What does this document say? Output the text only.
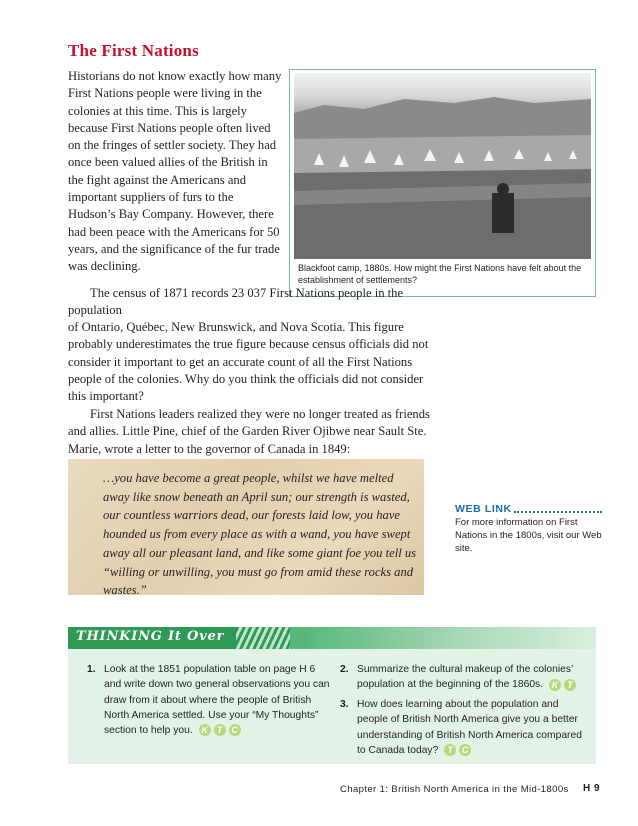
The First Nations

Historians do not know exactly how many First Nations people were living in the colonies at this time. This is largely because First Nations people often lived on the fringes of settler society. They had once been valued allies of the British in the fight against the Americans and important suppliers of furs to the Hudson’s Bay Company. However, there had been peace with the Americans for 50 years, and the significance of the fur trade was declining.	Blackfoot camp, 1880s. How might the First Nations have felt about the establishment of settlements?

The census of 1871 records 23 037 First Nations people in the population

of Ontario, Québec, New Brunswick, and Nova Scotia. This figure probably underestimates the true figure because census officials did not consider it important to get an accurate count of all the First Nations people of the colonies. Why do you think the officials did not consider this important?

First Nations leaders realized they were no longer treated as friends and allies. Little Pine, chief of the Garden River Ojibwe near Sault Ste. Marie, wrote a letter to the governor of Canada in 1849:

…you have become a great people, whilst we have melted away like snow beneath an April sun; our strength is wasted, our countless warriors dead, our forests laid low, you have hounded us from every place as with a wand, you have swept away all our pleasant land, and like some giant foe you tell us “willing or unwilling, you must go from amid these rocks and wastes.”

WEB LINK
For more information on First Nations in the 1800s, visit our Web site.
THINKING It Over
1. Look at the 1851 population table on page H 6 and write down two general observations you can draw from it about where the people of British North America settled. Use your “My Thoughts” section to help you. K T C
2. Summarize the cultural makeup of the colonies’ population at the beginning of the 1860s. K T
3. How does learning about the population and people of British North America give you a better understanding of British North America compared to Canada today? T C
Chapter 1: British North America in the Mid-1800s H 9
